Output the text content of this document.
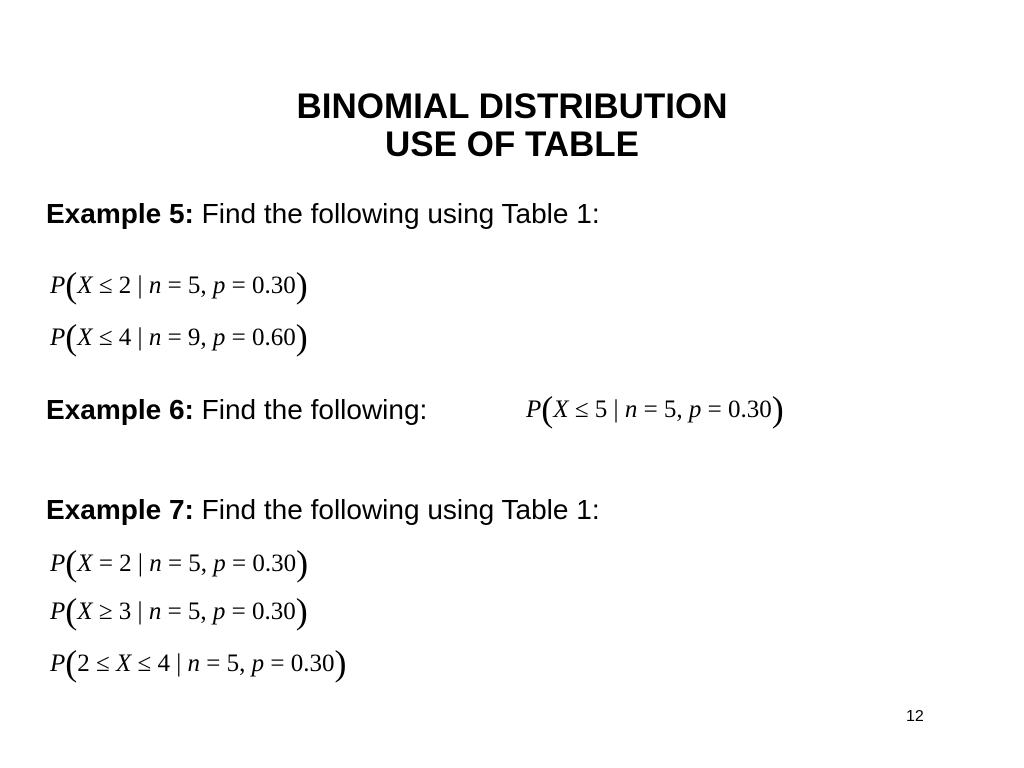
BINOMIAL DISTRIBUTION
USE OF TABLE
Example 5: Find the following using Table 1:
P(X ≤ 2 | n = 5, p = 0.30)
P(X ≤ 4 | n = 9, p = 0.60)
Example 6: Find the following:	P(X ≤ 5 | n = 5, p = 0.30)
Example 7: Find the following using Table 1:
P(X = 2 | n = 5, p = 0.30)
P(X ≥ 3 | n = 5, p = 0.30)
P(2 ≤ X ≤ 4 | n = 5, p = 0.30)
12
